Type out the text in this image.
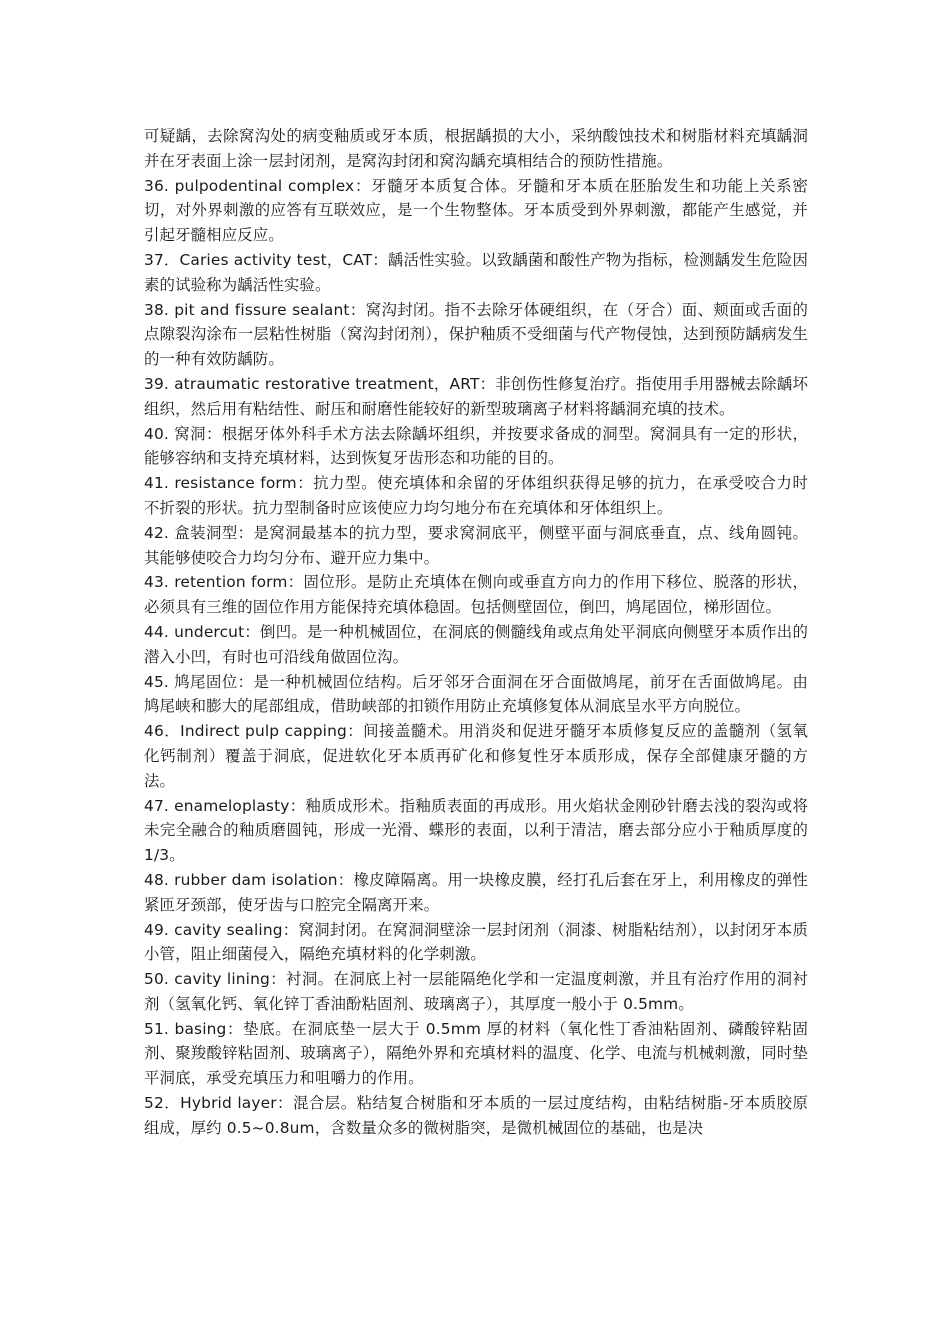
可疑龋，去除窝沟处的病变釉质或牙本质，根据龋损的大小，采纳酸蚀技术和树脂材料充填龋洞并在牙表面上涂一层封闭剂，是窝沟封闭和窝沟龋充填相结合的预防性措施。

36. pulpodentinal complex：牙髓牙本质复合体。牙髓和牙本质在胚胎发生和功能上关系密切，对外界刺激的应答有互联效应，是一个生物整体。牙本质受到外界刺激，都能产生感觉，并引起牙髓相应反应。

37．Caries activity test，CAT：龋活性实验。以致龋菌和酸性产物为指标，检测龋发生危险因素的试验称为龋活性实验。

38. pit and fissure sealant：窝沟封闭。指不去除牙体硬组织，在（牙合）面、颊面或舌面的点隙裂沟涂布一层粘性树脂（窝沟封闭剂），保护釉质不受细菌与代产物侵蚀，达到预防龋病发生的一种有效防龋防。

39. atraumatic restorative treatment，ART：非创伤性修复治疗。指使用手用器械去除龋坏组织，然后用有粘结性、耐压和耐磨性能较好的新型玻璃离子材料将龋洞充填的技术。

40. 窝洞：根据牙体外科手术方法去除龋坏组织，并按要求备成的洞型。窝洞具有一定的形状，能够容纳和支持充填材料，达到恢复牙齿形态和功能的目的。

41. resistance form：抗力型。使充填体和余留的牙体组织获得足够的抗力，在承受咬合力时不折裂的形状。抗力型制备时应该使应力均匀地分布在充填体和牙体组织上。

42. 盒装洞型：是窝洞最基本的抗力型，要求窝洞底平，侧壁平面与洞底垂直，点、线角圆钝。其能够使咬合力均匀分布、避开应力集中。

43. retention form：固位形。是防止充填体在侧向或垂直方向力的作用下移位、脱落的形状，必须具有三维的固位作用方能保持充填体稳固。包括侧壁固位，倒凹，鸠尾固位，梯形固位。

44. undercut：倒凹。是一种机械固位，在洞底的侧髓线角或点角处平洞底向侧壁牙本质作出的潜入小凹，有时也可沿线角做固位沟。

45. 鸠尾固位：是一种机械固位结构。后牙邻牙合面洞在牙合面做鸠尾，前牙在舌面做鸠尾。由鸠尾峡和膨大的尾部组成，借助峡部的扣锁作用防止充填修复体从洞底呈水平方向脱位。

46．Indirect pulp capping：间接盖髓术。用消炎和促进牙髓牙本质修复反应的盖髓剂（氢氧化钙制剂）覆盖于洞底，促进软化牙本质再矿化和修复性牙本质形成，保存全部健康牙髓的方法。

47. enameloplasty：釉质成形术。指釉质表面的再成形。用火焰状金刚砂针磨去浅的裂沟或将未完全融合的釉质磨圆钝，形成一光滑、蝶形的表面，以利于清洁，磨去部分应小于釉质厚度的 1/3。

48. rubber dam isolation：橡皮障隔离。用一块橡皮膜，经打孔后套在牙上，利用橡皮的弹性紧匝牙颈部，使牙齿与口腔完全隔离开来。

49. cavity sealing：窝洞封闭。在窝洞洞壁涂一层封闭剂（洞漆、树脂粘结剂），以封闭牙本质小管，阻止细菌侵入，隔绝充填材料的化学刺激。

50. cavity lining：衬洞。在洞底上衬一层能隔绝化学和一定温度刺激，并且有治疗作用的洞衬剂（氢氧化钙、氧化锌丁香油酚粘固剂、玻璃离子），其厚度一般小于 0.5mm。

51. basing：垫底。在洞底垫一层大于 0.5mm 厚的材料（氧化性丁香油粘固剂、磷酸锌粘固剂、聚羧酸锌粘固剂、玻璃离子），隔绝外界和充填材料的温度、化学、电流与机械刺激，同时垫平洞底，承受充填压力和咀嚼力的作用。

52．Hybrid layer：混合层。粘结复合树脂和牙本质的一层过度结构，由粘结树脂-牙本质胶原组成，厚约 0.5~0.8um，含数量众多的微树脂突，是微机械固位的基础，也是决
